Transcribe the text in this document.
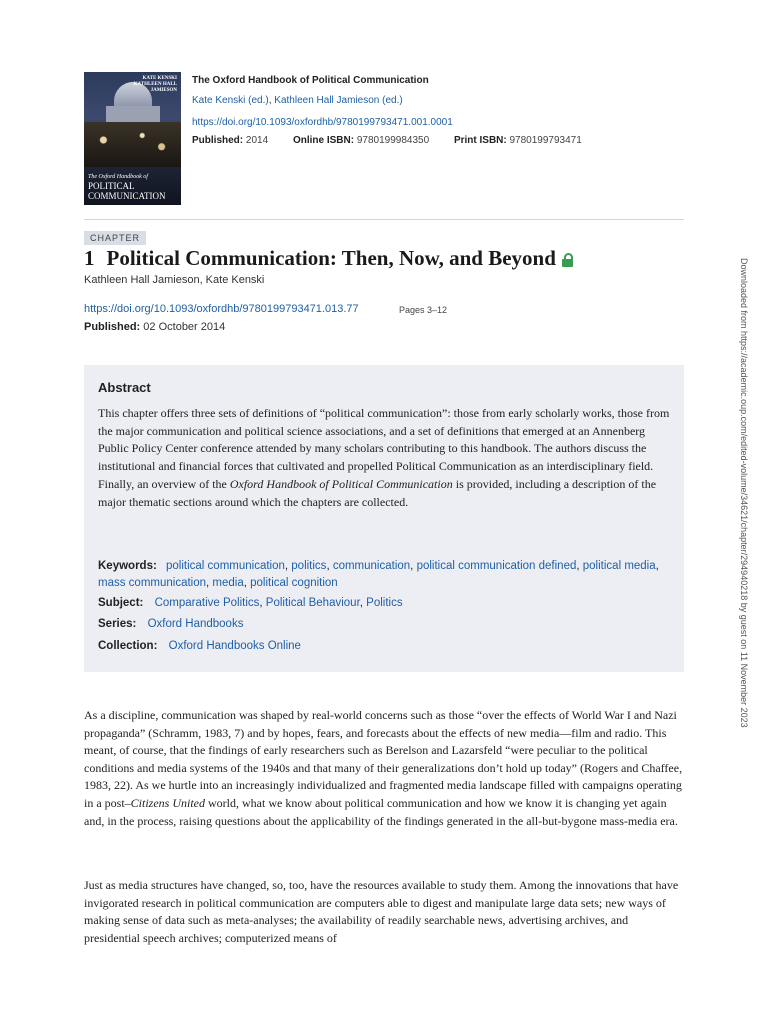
KATE KENSKI KATHLEEN HALL JAMIESON
The Oxford Handbook of
POLITICAL
COMMUNICATION
The Oxford Handbook of Political Communication
Kate Kenski (ed.), Kathleen Hall Jamieson (ed.)
https://doi.org/10.1093/oxfordhb/9780199793471.001.0001
Published: 2014 Online ISBN: 9780199984350 Print ISBN: 9780199793471
CHAPTER
1 Political Communication: Then, Now, and Beyond
Kathleen Hall Jamieson, Kate Kenski
https://doi.org/10.1093/oxfordhb/9780199793471.013.77	Pages 3–12
Published: 02 October 2014
Abstract
This chapter offers three sets of definitions of “political communication”: those from early scholarly works, those from the major communication and political science associations, and a set of definitions that emerged at an Annenberg Public Policy Center conference attended by many scholars contributing to this handbook. The authors discuss the institutional and financial forces that cultivated and propelled Political Communication as an interdisciplinary field. Finally, an overview of the Oxford Handbook of Political Communication is provided, including a description of the major thematic sections around which the chapters are collected.
Keywords: political communication, politics, communication, political communication defined, political media, mass communication, media, political cognition
Subject: Comparative Politics, Political Behaviour, Politics
Series: Oxford Handbooks
Collection: Oxford Handbooks Online
As a discipline, communication was shaped by real-world concerns such as those “over the effects of World War I and Nazi propaganda” (Schramm, 1983, 7) and by hopes, fears, and forecasts about the effects of new media—film and radio. This meant, of course, that the findings of early researchers such as Berelson and Lazarsfeld “were peculiar to the political conditions and media systems of the 1940s and that many of their generalizations don’t hold up today” (Rogers and Chaffee, 1983, 22). As we hurtle into an increasingly individualized and fragmented media landscape filled with campaigns operating in a post–Citizens United world, what we know about political communication and how we know it is changing yet again and, in the process, raising questions about the applicability of the findings generated in the all-but-bygone mass-media era.
Just as media structures have changed, so, too, have the resources available to study them. Among the innovations that have invigorated research in political communication are computers able to digest and manipulate large data sets; new ways of making sense of data such as meta-analyses; the availability of readily searchable news, advertising archives, and presidential speech archives; computerized means of
Downloaded from https://academic.oup.com/edited-volume/34621/chapter/294940218 by guest on 11 November 2023
